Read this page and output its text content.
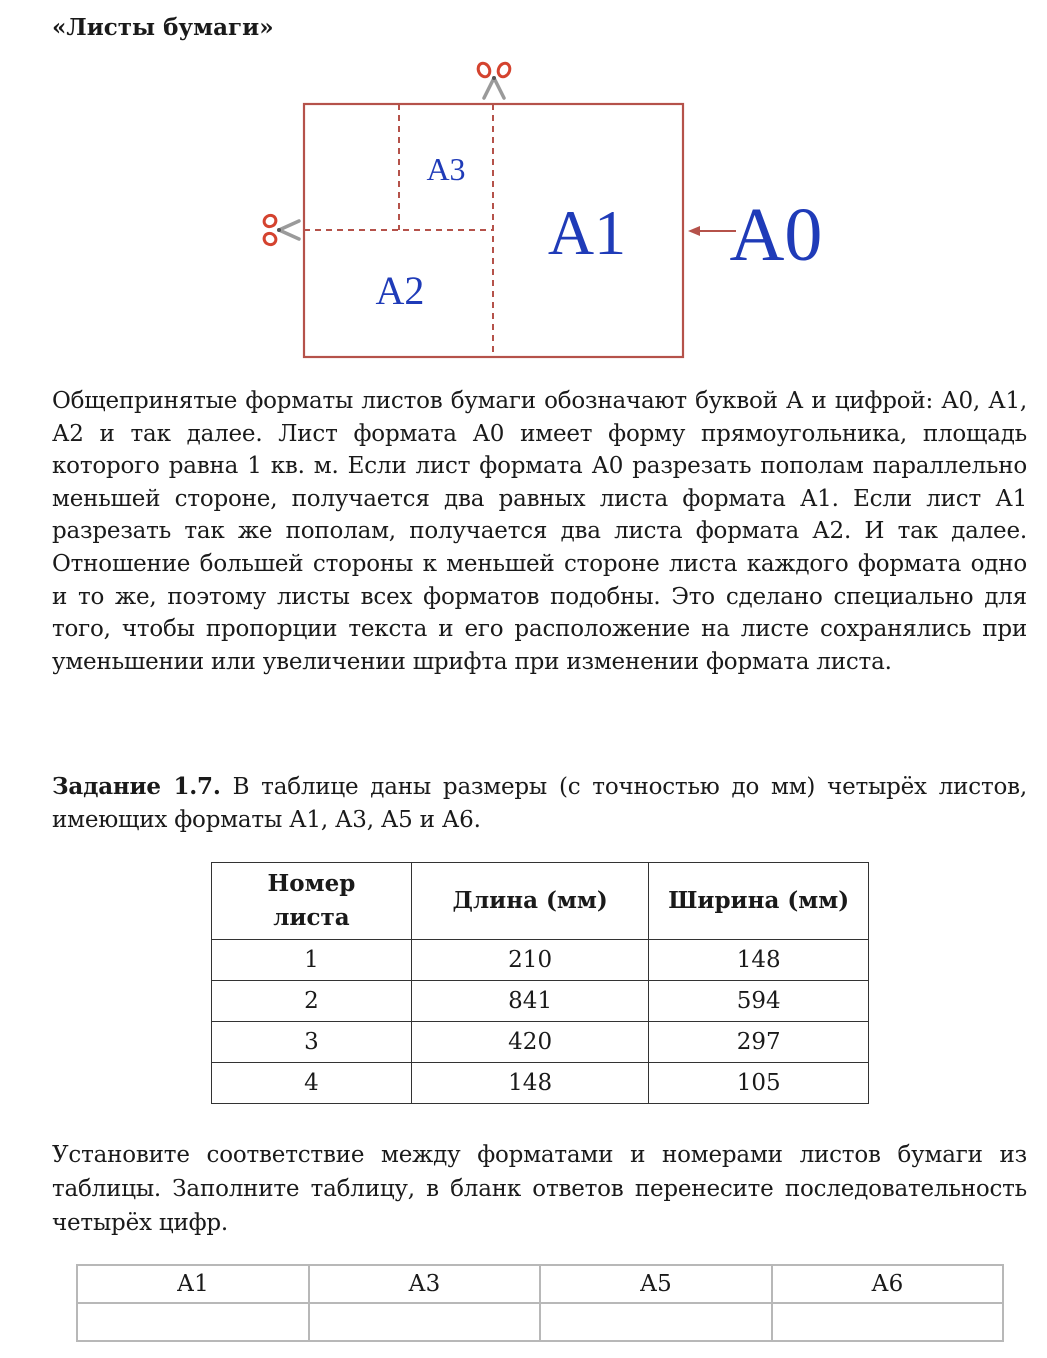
«Листы бумаги»
A3
A2
A1 A0

Общепринятые форматы листов бумаги обозначают буквой А и цифрой: А0, А1, А2 и так далее. Лист формата А0 имеет форму прямоугольника, площадь которого равна 1 кв. м. Если лист формата А0 разрезать пополам параллельно меньшей стороне, получается два равных листа формата А1. Если лист А1 разрезать так же пополам, получается два листа формата А2. И так далее. Отношение большей стороны к меньшей стороне листа каждого формата одно и то же, поэтому листы всех форматов подобны. Это сделано специально для того, чтобы пропорции текста и его расположение на листе сохранялись при уменьшении или увеличении шрифта при изменении формата листа.

Задание 1.7. В таблице даны размеры (с точностью до мм) четырёх листов, имеющих форматы А1, А3, А5 и А6.

Номер листа	Длина (мм)	Ширина (мм)
1	210	148
2	841	594
3	420	297
4	148	105

Установите соответствие между форматами и номерами листов бумаги из таблицы. Заполните таблицу, в бланк ответов перенесите последовательность четырёх цифр.

А1	А3	А5	А6
